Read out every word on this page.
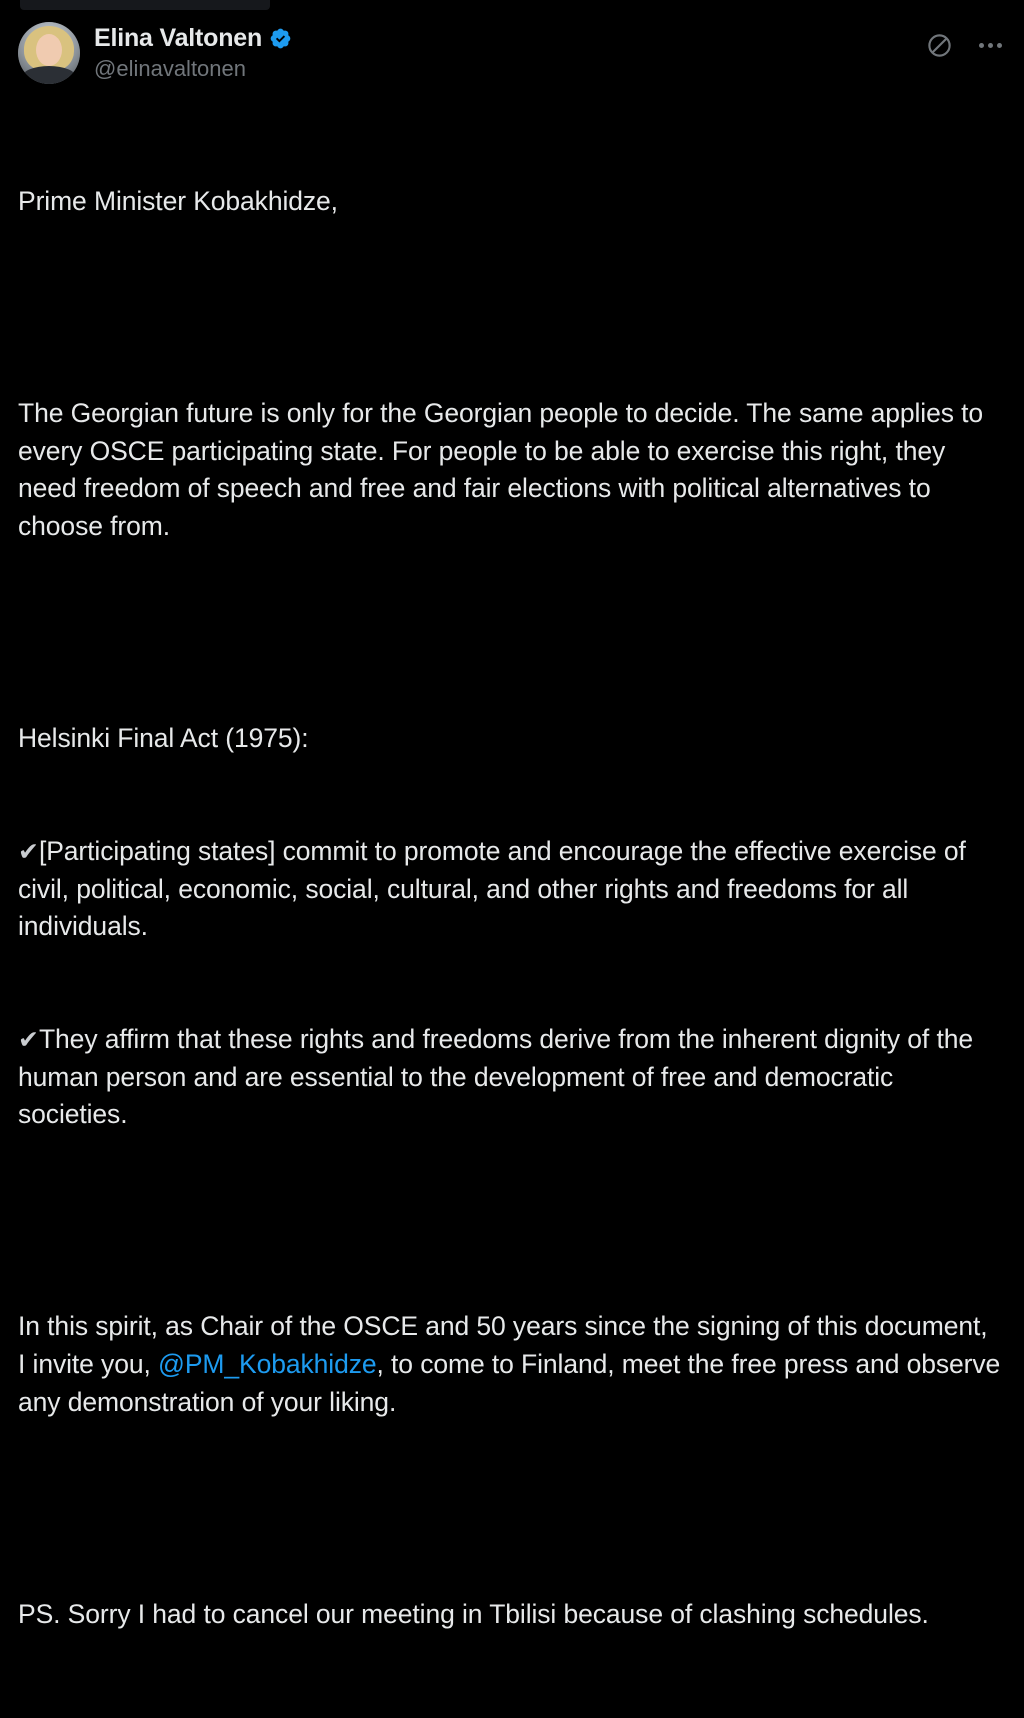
Elina Valtonen
@elinavaltonen

Prime Minister Kobakhidze,

The Georgian future is only for the Georgian people to decide. The same applies to every OSCE participating state. For people to be able to exercise this right, they need freedom of speech and free and fair elections with political alternatives to choose from.

Helsinki Final Act (1975):

✔[Participating states] commit to promote and encourage the effective exercise of civil, political, economic, social, cultural, and other rights and freedoms for all individuals.

✔They affirm that these rights and freedoms derive from the inherent dignity of the human person and are essential to the development of free and democratic societies.

In this spirit, as Chair of the OSCE and 50 years since the signing of this document, I invite you, @PM_Kobakhidze, to come to Finland, meet the free press and observe any demonstration of your liking.

PS. Sorry I had to cancel our meeting in Tbilisi because of clashing schedules.
